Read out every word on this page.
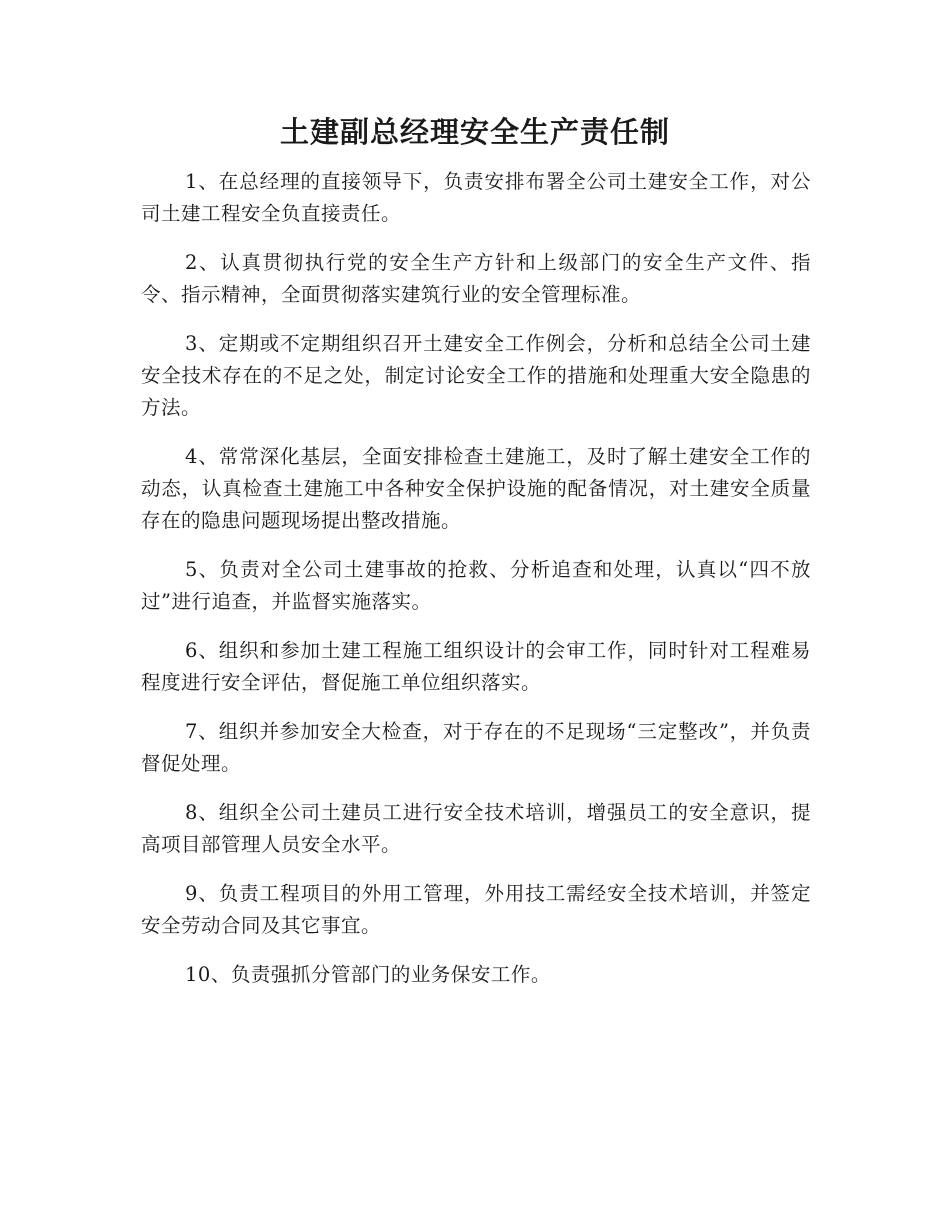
土建副总经理安全生产责任制

1、在总经理的直接领导下，负责安排布署全公司土建安全工作，对公司土建工程安全负直接责任。

2、认真贯彻执行党的安全生产方针和上级部门的安全生产文件、指令、指示精神，全面贯彻落实建筑行业的安全管理标准。

3、定期或不定期组织召开土建安全工作例会，分析和总结全公司土建安全技术存在的不足之处，制定讨论安全工作的措施和处理重大安全隐患的方法。

4、常常深化基层，全面安排检查土建施工，及时了解土建安全工作的动态，认真检查土建施工中各种安全保护设施的配备情况，对土建安全质量存在的隐患问题现场提出整改措施。

5、负责对全公司土建事故的抢救、分析追查和处理，认真以“四不放过”进行追查，并监督实施落实。

6、组织和参加土建工程施工组织设计的会审工作，同时针对工程难易程度进行安全评估，督促施工单位组织落实。

7、组织并参加安全大检查，对于存在的不足现场“三定整改”，并负责督促处理。

8、组织全公司土建员工进行安全技术培训，增强员工的安全意识，提高项目部管理人员安全水平。

9、负责工程项目的外用工管理，外用技工需经安全技术培训，并签定安全劳动合同及其它事宜。

10、负责强抓分管部门的业务保安工作。
